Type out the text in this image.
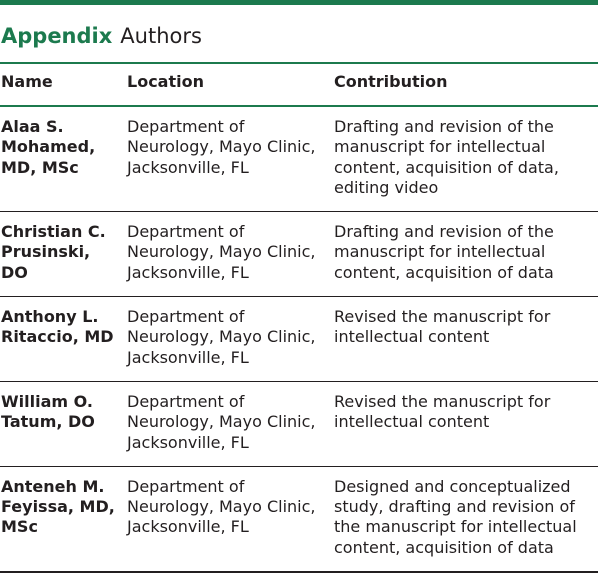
Appendix Authors
Name	Location	Contribution
Alaa S. Mohamed, MD, MSc	Department of Neurology, Mayo Clinic, Jacksonville, FL	Drafting and revision of the manuscript for intellectual content, acquisition of data, editing video
Christian C. Prusinski, DO	Department of Neurology, Mayo Clinic, Jacksonville, FL	Drafting and revision of the manuscript for intellectual content, acquisition of data
Anthony L. Ritaccio, MD	Department of Neurology, Mayo Clinic, Jacksonville, FL	Revised the manuscript for intellectual content
William O. Tatum, DO	Department of Neurology, Mayo Clinic, Jacksonville, FL	Revised the manuscript for intellectual content
Anteneh M. Feyissa, MD, MSc	Department of Neurology, Mayo Clinic, Jacksonville, FL	Designed and conceptualized study, drafting and revision of the manuscript for intellectual content, acquisition of data
